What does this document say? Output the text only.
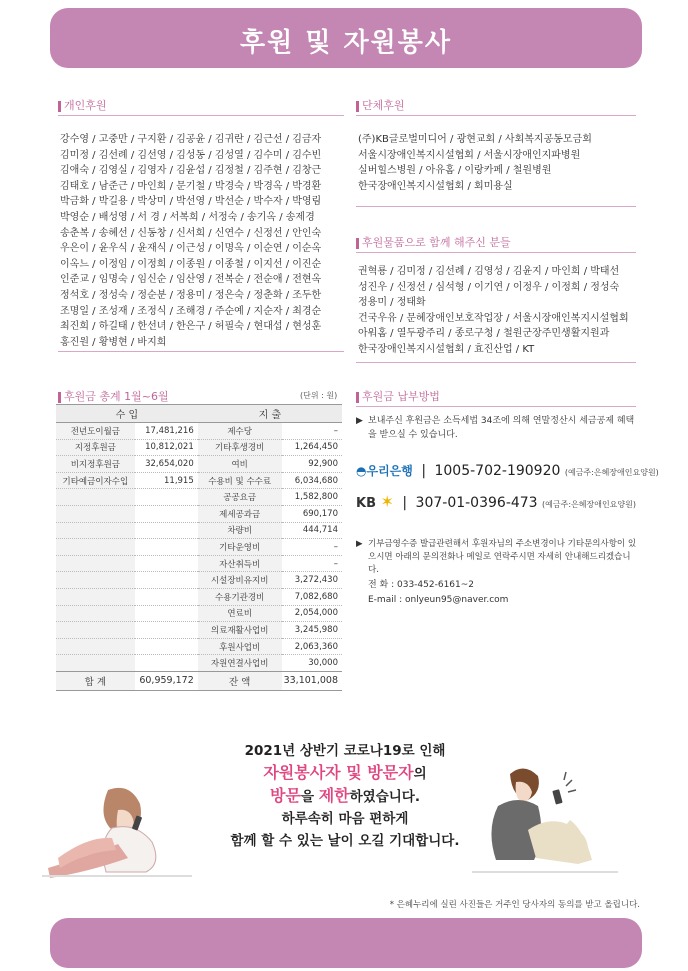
후원 및 자원봉사
개인후원
강수영 / 고중만 / 구지환 / 김공윤 / 김귀란 / 김근선 / 김금자
김미정 / 김선례 / 김선영 / 김성동 / 김성열 / 김수미 / 김수빈
김애숙 / 김영실 / 김영자 / 김윤섭 / 김정철 / 김주현 / 김창근
김태호 / 남준근 / 마인희 / 문기철 / 박경숙 / 박경옥 / 박경환
박금화 / 박길용 / 박상미 / 박선영 / 박선순 / 박수자 / 박영림
박영순 / 배성영 / 서 경 / 서복희 / 서정숙 / 송기옥 / 송제경
송춘복 / 송혜선 / 신동창 / 신서희 / 신연수 / 신정선 / 안인숙
우은이 / 윤우식 / 윤재식 / 이근성 / 이명옥 / 이순연 / 이순옥
이옥느 / 이정임 / 이정희 / 이종원 / 이종철 / 이지선 / 이진순
인준교 / 임명숙 / 임신순 / 임산영 / 전복순 / 전순애 / 전현옥
정석호 / 정성숙 / 정순분 / 정용미 / 정은숙 / 정춘화 / 조두한
조명일 / 조성재 / 조정식 / 조해경 / 주순예 / 지순자 / 최경순
최진희 / 하길태 / 한선녀 / 한은구 / 허필숙 / 현대섭 / 현성훈
홍진원 / 황병현 / 바지희
단체후원
(주)KB글로벌미디어 / 광현교회 / 사회복지공동모금회
서울시장애인복지시설협회 / 서울시장애인지파병원
실버힐스병원 / 아유홈 / 이랑카페 / 철원병원
한국장애인복지시설협회 / 회미용실
후원물품으로 함께 해주신 분들
권혁룡 / 김미정 / 김선례 / 김영성 / 김윤지 / 마인희 / 박태선
성진우 / 신정선 / 심석형 / 이기연 / 이정우 / 이정희 / 정성숙
정용미 / 정태화
건국우유 / 문혜장애인보호작업장 / 서울시장애인복지시설협회
아워홈 / 열두광주리 / 종로구청 / 철원군장주민생활지원과
한국장애인복지시설협회 / 효진산업 / KT
후원금 총계 1월~6월	(단위 : 원)
수 입		지 출	
전년도이월금	17,481,216	제수당	–
지정후원금	10,812,021	기타후생경비	1,264,450
비지정후원금	32,654,020	여비	92,900
기타예금이자수입	11,915	수용비 및 수수료	6,034,680
		공공요금	1,582,800
		제세공과금	690,170
		차량비	444,714
		기타운영비	–
		자산취득비	–
		시설장비유지비	3,272,430
		수용기관경비	7,082,680
		연료비	2,054,000
		의료재활사업비	3,245,980
		후원사업비	2,063,360
		자원연결사업비	30,000
합 계	60,959,172	잔 액	33,101,008
후원금 납부방법
▶ 보내주신 후원금은 소득세법 34조에 의해 연말정산시 세금공제 혜택을 받으실 수 있습니다.
◓우리은행 | 1005-702-190920 (예금주:은혜장애인요양원)
KB ✶ | 307-01-0396-473 (예금주:은혜장애인요양원)
▶ 기부금영수증 발급관련해서 후원자님의 주소변경이나 기타문의사항이 있으시면 아래의 문의전화나 메일로 연락주시면 자세히 안내해드리겠습니다.
전 화 : 033-452-6161~2
E-mail : onlyeun95@naver.com
2021년 상반기 코로나19로 인해
자원봉사자 및 방문자의
방문을 제한하였습니다.
하루속히 마음 편하게
함께 할 수 있는 날이 오길 기대합니다.
* 은혜누리에 실린 사진들은 거주인 당사자의 동의를 받고 올립니다.
